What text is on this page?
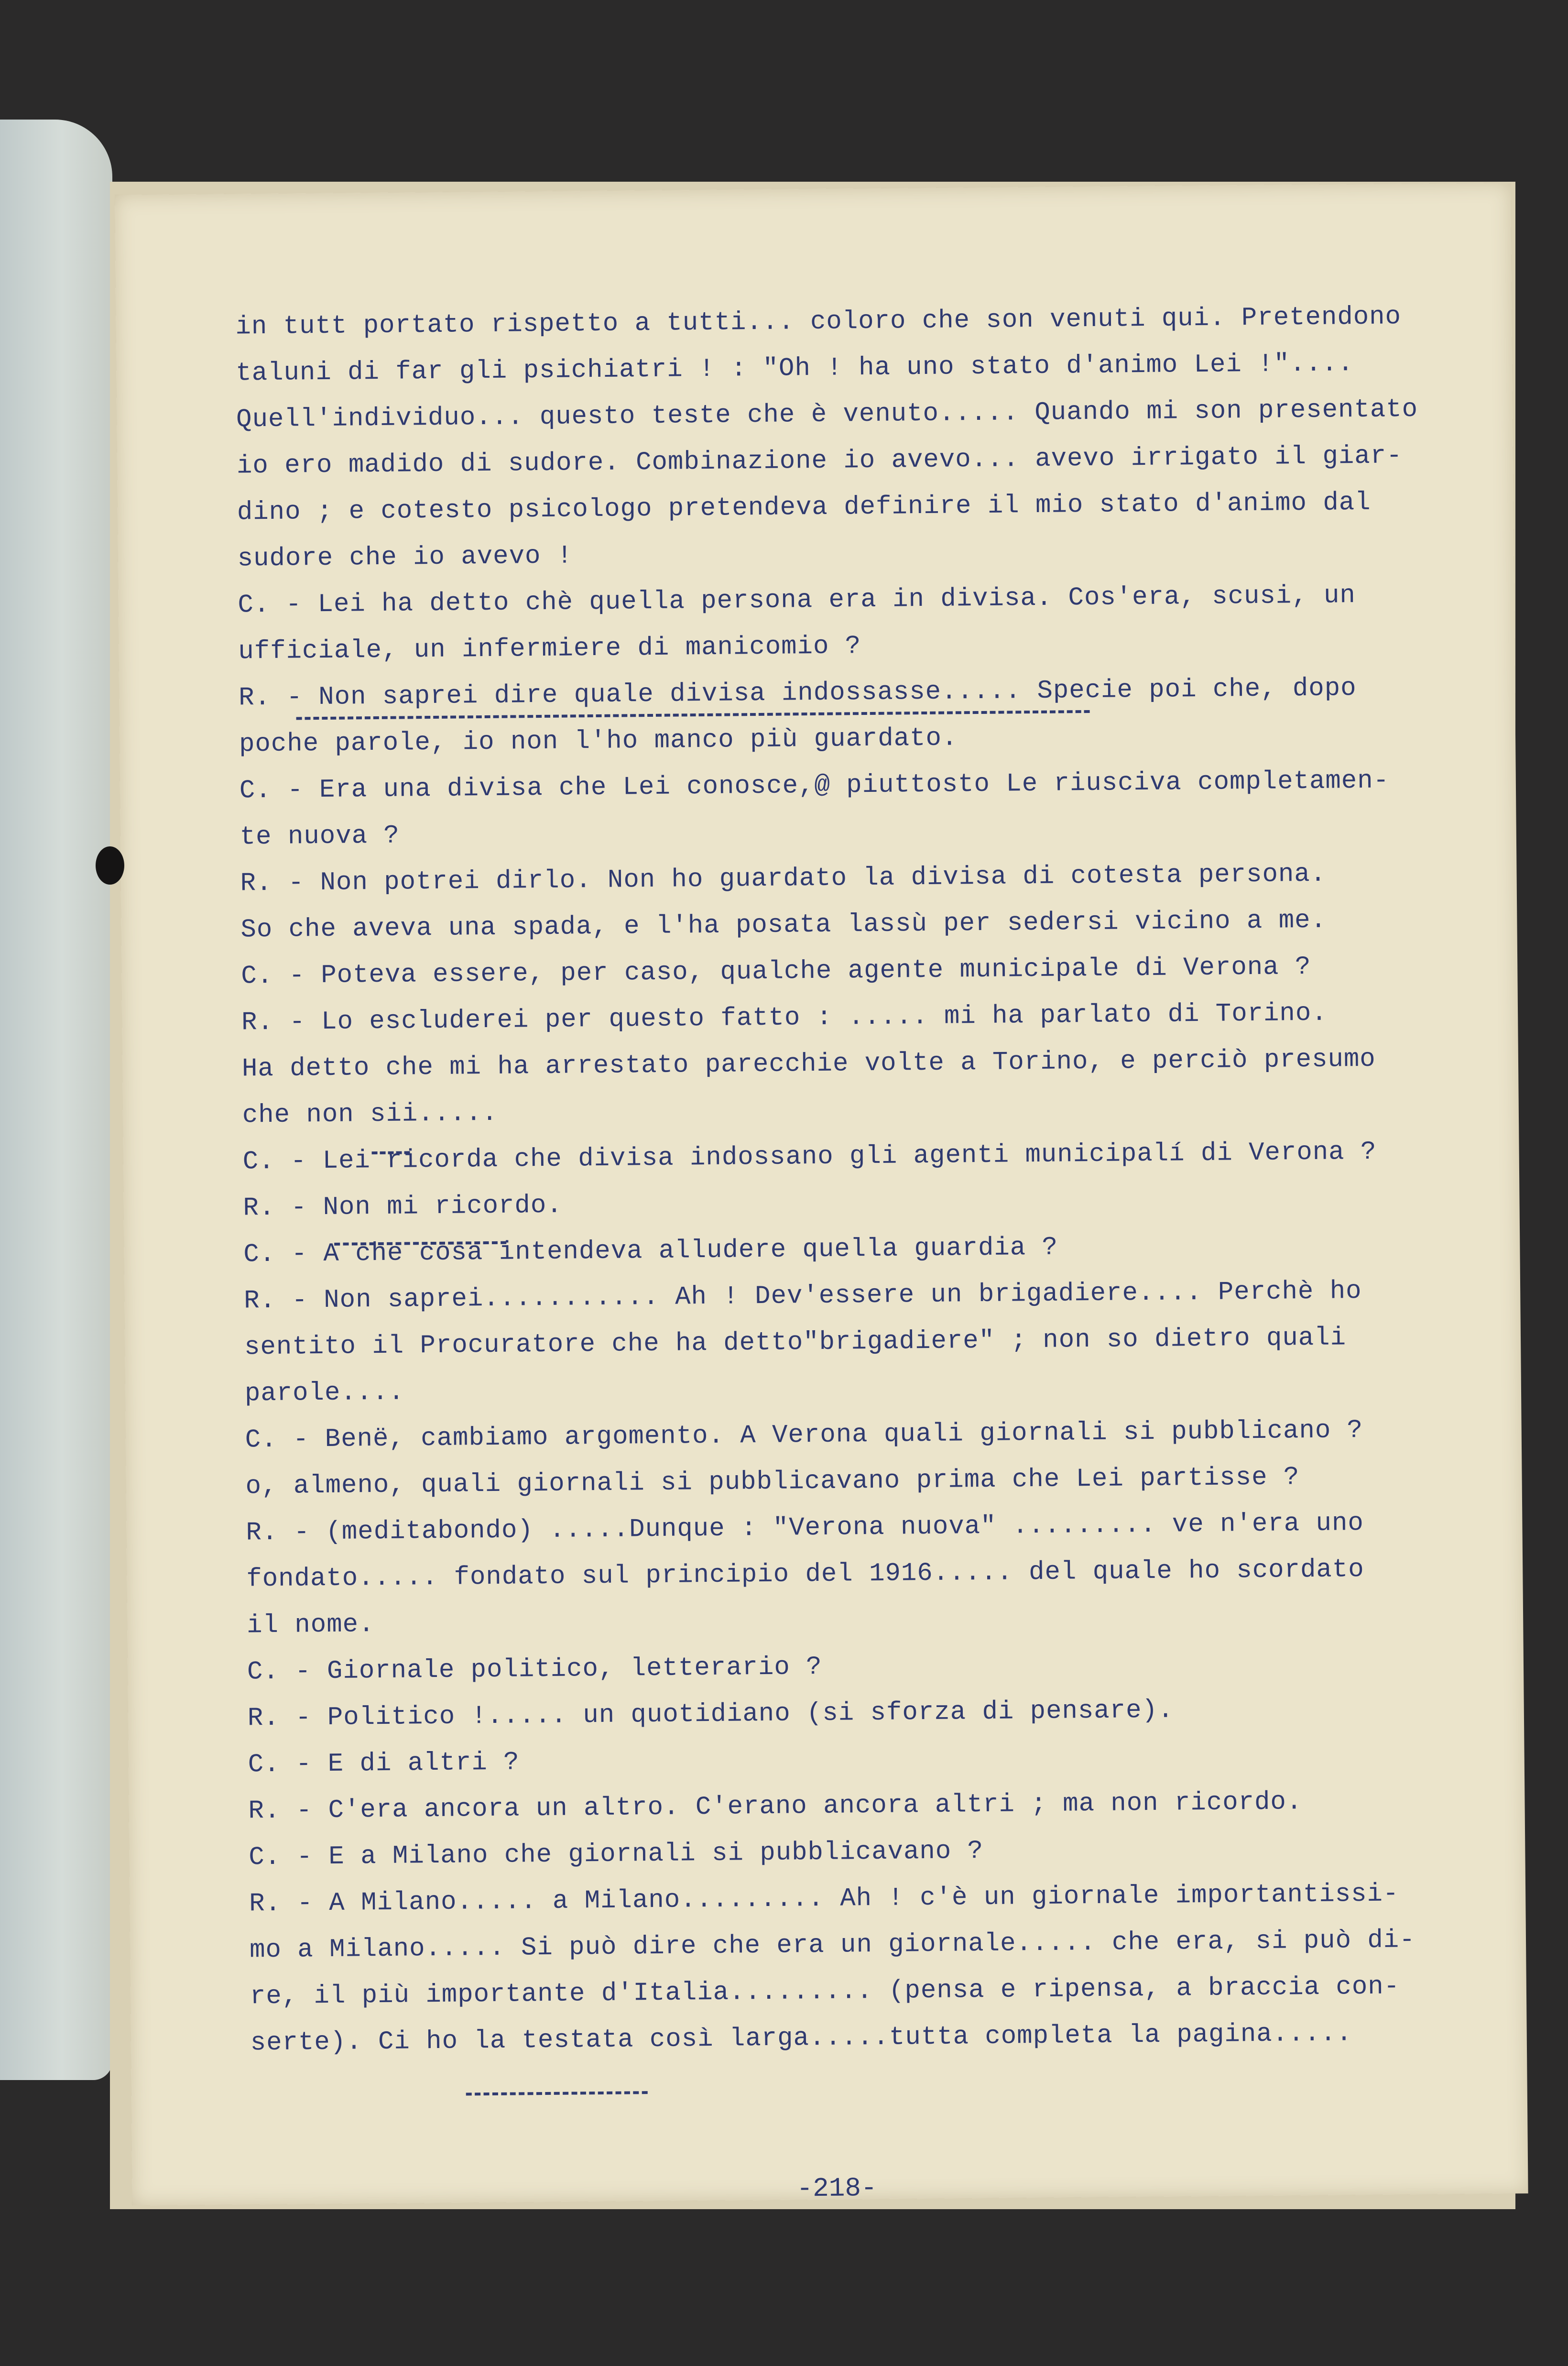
in tutt portato rispetto a tutti... coloro che son venuti qui. Pretendono
taluni di far gli psichiatri ! : "Oh ! ha uno stato d'animo Lei !"....
Quell'individuo... questo teste che è venuto..... Quando mi son presentato
io ero madido di sudore. Combinazione io avevo... avevo irrigato il giar-
dino ; e cotesto psicologo pretendeva definire il mio stato d'animo dal
sudore che io avevo !
C. - Lei ha detto chè quella persona era in divisa. Cos'era, scusi, un
ufficiale, un infermiere di manicomio ?
R. - Non saprei dire quale divisa indossasse..... Specie poi che, dopo
poche parole, io non l'ho manco più guardato.
C. - Era una divisa che Lei conosce,@ piuttosto Le riusciva completamen-
te nuova ?
R. - Non potrei dirlo. Non ho guardato la divisa di cotesta persona.
So che aveva una spada, e l'ha posata lassù per sedersi vicino a me.
C. - Poteva essere, per caso, qualche agente municipale di Verona ?
R. - Lo escluderei per questo fatto : ..... mi ha parlato di Torino.
Ha detto che mi ha arrestato parecchie volte a Torino, e perciò presumo
che non sii.....
C. - Lei ricorda che divisa indossano gli agenti municipalí di Verona ?
R. - Non mi ricordo.
C. - A che cosa intendeva alludere quella guardia ?
R. - Non saprei........... Ah ! Dev'essere un brigadiere.... Perchè ho
sentito il Procuratore che ha detto"brigadiere" ; non so dietro quali
parole....
C. - Benë, cambiamo argomento. A Verona quali giornali si pubblicano ?
o, almeno, quali giornali si pubblicavano prima che Lei partisse ?
R. - (meditabondo) .....Dunque : "Verona nuova" ......... ve n'era uno
fondato..... fondato sul principio del 1916..... del quale ho scordato
il nome.
C. - Giornale politico, letterario ?
R. - Politico !..... un quotidiano (si sforza di pensare).
C. - E di altri ?
R. - C'era ancora un altro. C'erano ancora altri ; ma non ricordo.
C. - E a Milano che giornali si pubblicavano ?
R. - A Milano..... a Milano......... Ah ! c'è un giornale importantissi-
mo a Milano..... Si può dire che era un giornale..... che era, si può di-
re, il più importante d'Italia......... (pensa e ripensa, a braccia con-
serte). Ci ho la testata così larga.....tutta completa la pagina.....
-218-
